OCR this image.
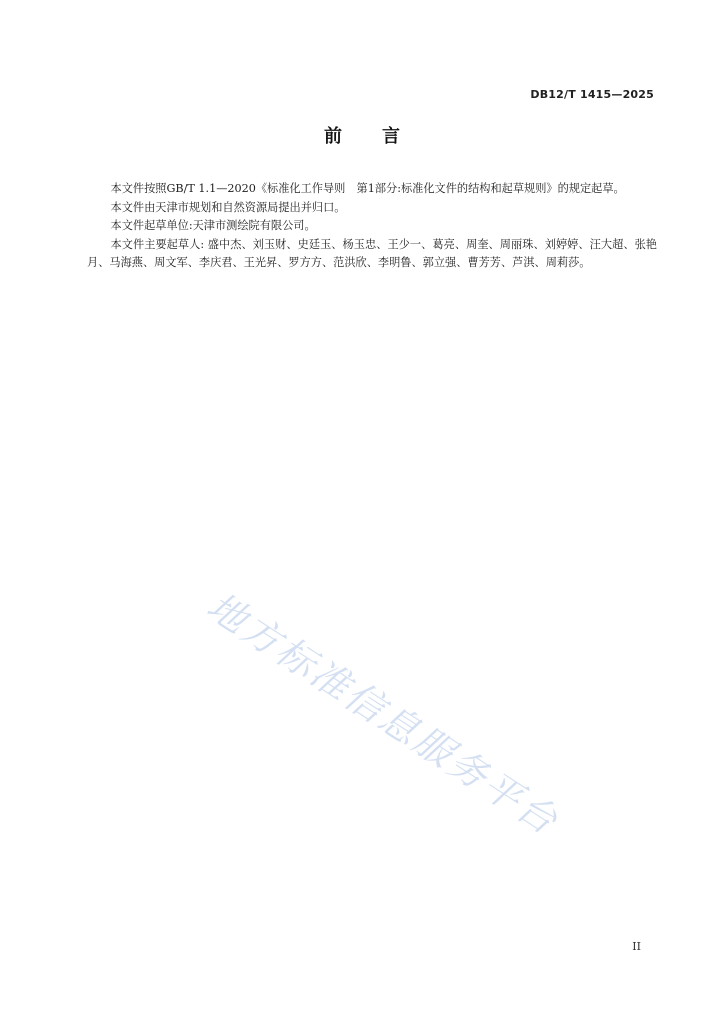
DB12/T 1415—2025
前 言

本文件按照GB/T 1.1—2020《标准化工作导则　第1部分:标准化文件的结构和起草规则》的规定起草。

本文件由天津市规划和自然资源局提出并归口。

本文件起草单位:天津市测绘院有限公司。

本文件主要起草人: 盛中杰、刘玉财、史廷玉、杨玉忠、王少一、葛亮、周奎、周丽珠、刘婷婷、汪大超、张艳月、马海燕、周文军、李庆君、王光昇、罗方方、范洪欣、李明鲁、郭立强、曹芳芳、芦淇、周莉莎。

地方标准信息服务平台
II
